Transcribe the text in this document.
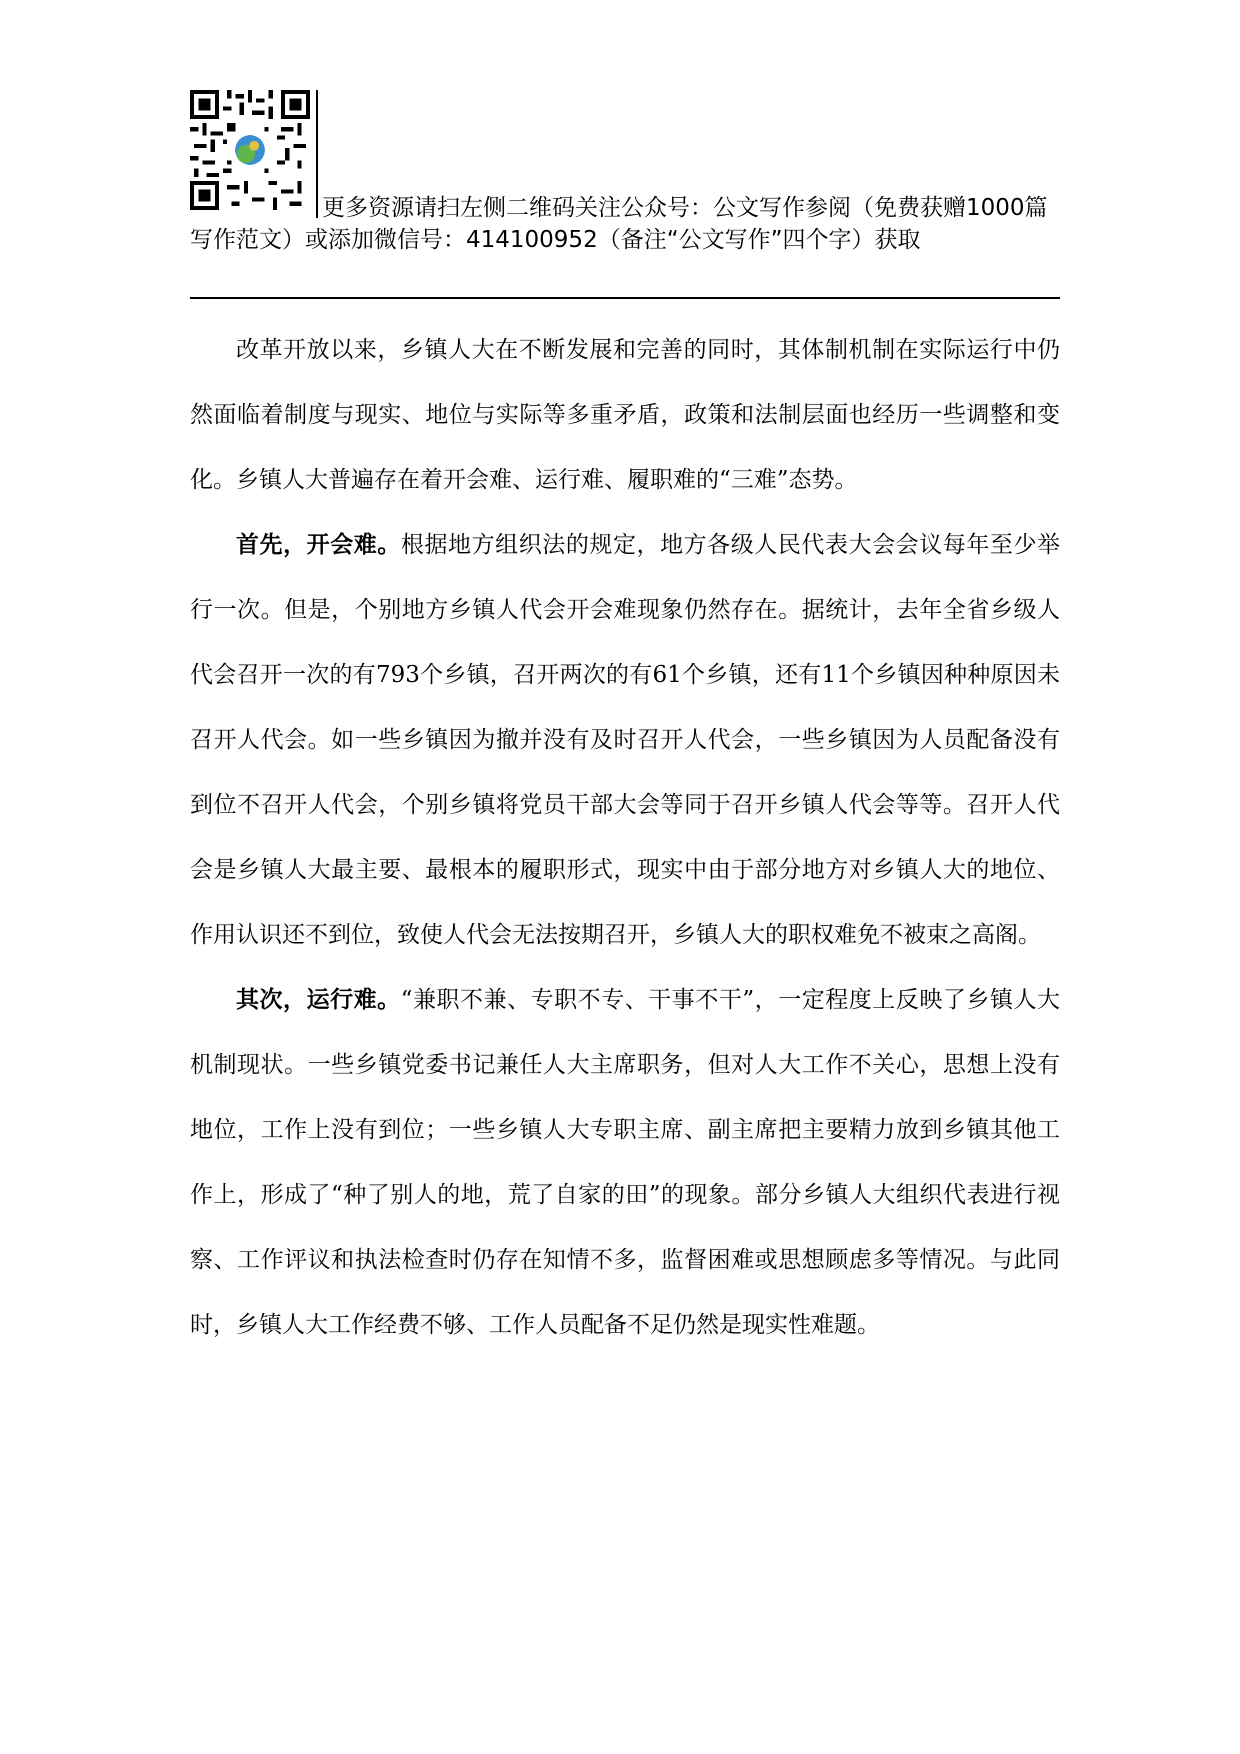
更多资源请扫左侧二维码关注公众号：公文写作参阅（免费获赠1000篇写作范文）或添加微信号：414100952（备注“公文写作”四个字）获取

改革开放以来，乡镇人大在不断发展和完善的同时，其体制机制在实际运行中仍然面临着制度与现实、地位与实际等多重矛盾，政策和法制层面也经历一些调整和变化。乡镇人大普遍存在着开会难、运行难、履职难的“三难”态势。

首先，开会难。根据地方组织法的规定，地方各级人民代表大会会议每年至少举行一次。但是，个别地方乡镇人代会开会难现象仍然存在。据统计，去年全省乡级人代会召开一次的有793个乡镇，召开两次的有61个乡镇，还有11个乡镇因种种原因未召开人代会。如一些乡镇因为撤并没有及时召开人代会，一些乡镇因为人员配备没有到位不召开人代会，个别乡镇将党员干部大会等同于召开乡镇人代会等等。召开人代会是乡镇人大最主要、最根本的履职形式，现实中由于部分地方对乡镇人大的地位、作用认识还不到位，致使人代会无法按期召开，乡镇人大的职权难免不被束之高阁。

其次，运行难。“兼职不兼、专职不专、干事不干”，一定程度上反映了乡镇人大机制现状。一些乡镇党委书记兼任人大主席职务，但对人大工作不关心，思想上没有地位，工作上没有到位；一些乡镇人大专职主席、副主席把主要精力放到乡镇其他工作上，形成了“种了别人的地，荒了自家的田”的现象。部分乡镇人大组织代表进行视察、工作评议和执法检查时仍存在知情不多，监督困难或思想顾虑多等情况。与此同时，乡镇人大工作经费不够、工作人员配备不足仍然是现实性难题。
